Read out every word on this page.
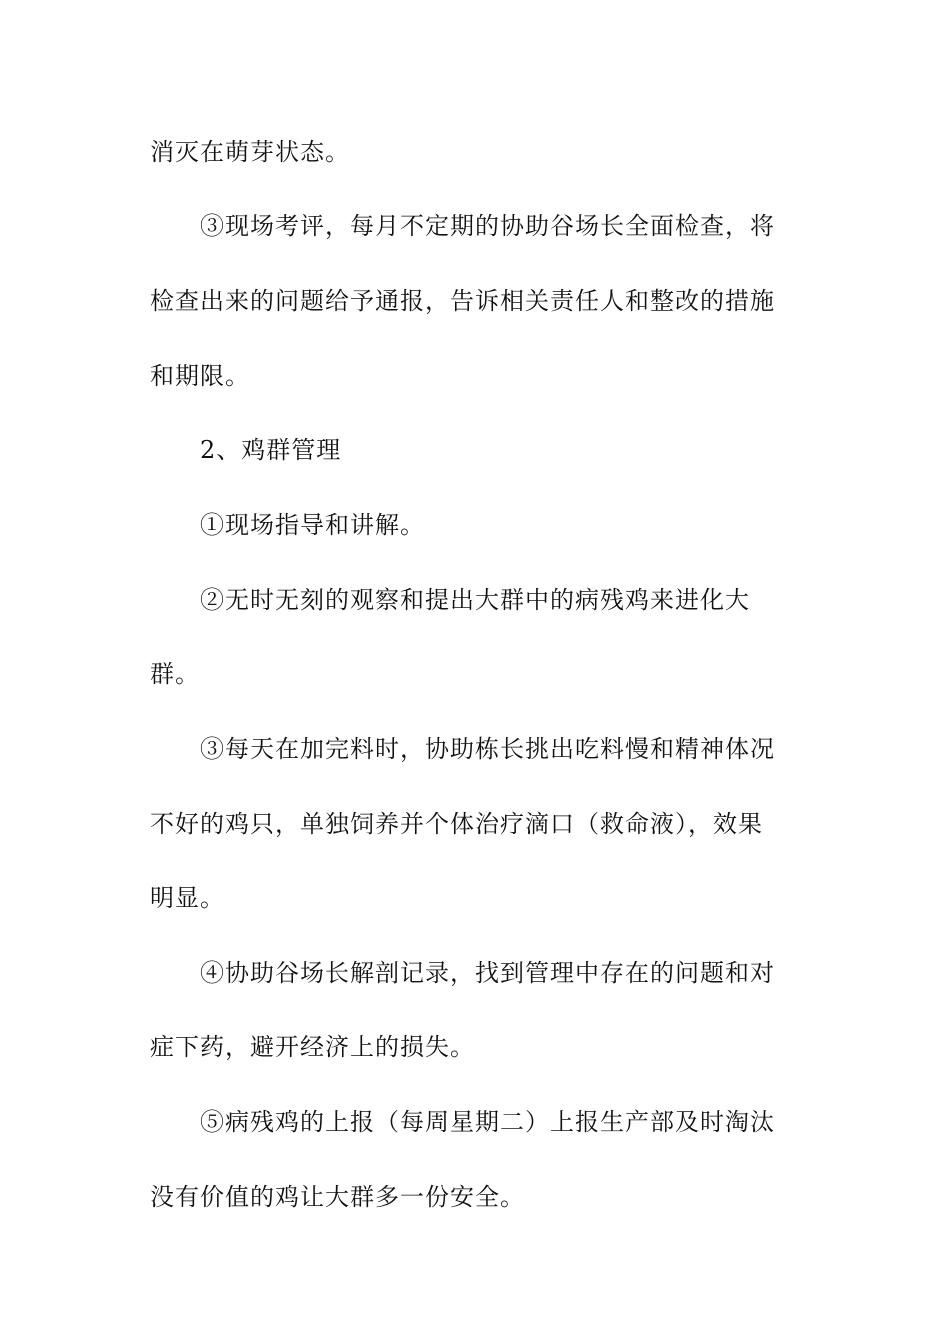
消灭在萌芽状态。
③现场考评，每月不定期的协助谷场长全面检查，将
检查出来的问题给予通报，告诉相关责任人和整改的措施
和期限。
2、鸡群管理
①现场指导和讲解。
②无时无刻的观察和提出大群中的病残鸡来进化大
群。
③每天在加完料时，协助栋长挑出吃料慢和精神体况
不好的鸡只，单独饲养并个体治疗滴口（救命液），效果
明显。
④协助谷场长解剖记录，找到管理中存在的问题和对
症下药，避开经济上的损失。
⑤病残鸡的上报（每周星期二）上报生产部及时淘汰
没有价值的鸡让大群多一份安全。
